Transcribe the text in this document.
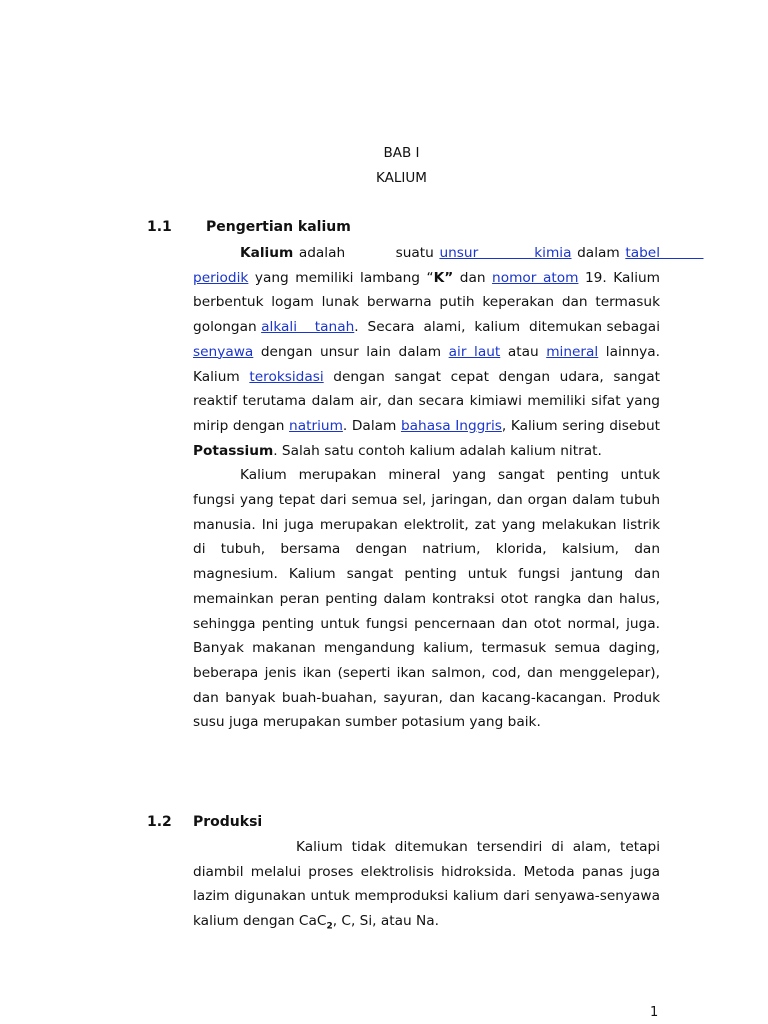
BAB I
KALIUM
1.1 Pengertian kalium

Kalium adalah         suatu unsur          kimia dalam tabel          periodik yang memiliki lambang “K” dan nomor atom 19. Kalium berbentuk logam lunak berwarna putih keperakan dan termasuk golongan alkali    tanah.  Secara  alami,  kalium  ditemukan sebagai senyawa dengan unsur lain dalam air laut atau mineral lainnya. Kalium teroksidasi dengan sangat cepat dengan udara, sangat reaktif terutama dalam air, dan secara kimiawi memiliki sifat yang mirip dengan natrium. Dalam bahasa Inggris, Kalium sering disebut Potassium. Salah satu contoh kalium adalah kalium nitrat.

Kalium merupakan mineral yang sangat penting untuk fungsi yang tepat dari semua sel, jaringan, dan organ dalam tubuh manusia. Ini juga merupakan elektrolit, zat yang melakukan listrik di tubuh, bersama dengan natrium, klorida, kalsium, dan magnesium. Kalium sangat penting untuk fungsi jantung dan memainkan peran penting dalam kontraksi otot rangka dan halus, sehingga penting untuk fungsi pencernaan dan otot normal, juga. Banyak makanan mengandung kalium, termasuk semua daging, beberapa jenis ikan (seperti ikan salmon, cod, dan menggelepar), dan banyak buah-buahan, sayuran, dan kacang-kacangan. Produk susu juga merupakan sumber potasium yang baik.

1.2 Produksi

Kalium tidak ditemukan tersendiri di alam, tetapi diambil melalui proses elektrolisis hidroksida. Metoda panas juga lazim digunakan untuk memproduksi kalium dari senyawa-senyawa kalium dengan CaC$_2$, C, Si, atau Na.

1
